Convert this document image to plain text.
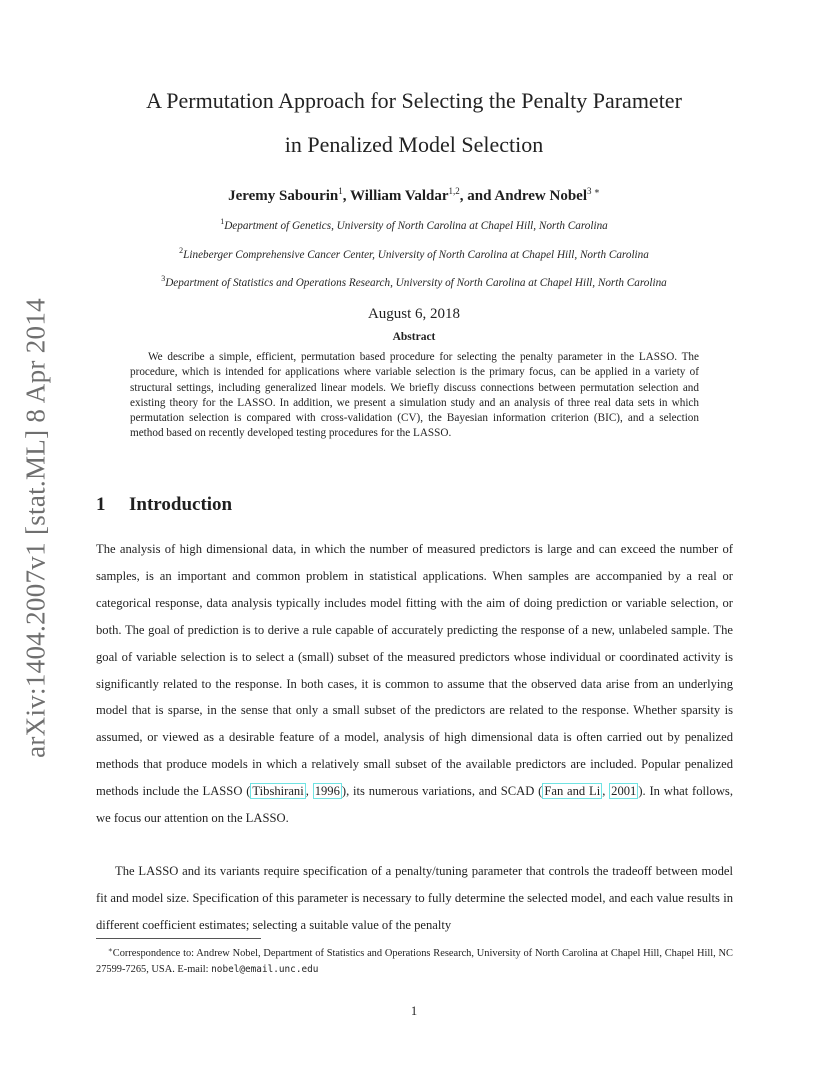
arXiv:1404.2007v1 [stat.ML] 8 Apr 2014
A Permutation Approach for Selecting the Penalty Parameter
in Penalized Model Selection
Jeremy Sabourin$^1$, William Valdar$^{1,2}$, and Andrew Nobel$^{3 ∗}$
$^1$Department of Genetics, University of North Carolina at Chapel Hill, North Carolina
$^2$Lineberger Comprehensive Cancer Center, University of North Carolina at Chapel Hill, North Carolina
$^3$Department of Statistics and Operations Research, University of North Carolina at Chapel Hill, North Carolina
August 6, 2018
Abstract
We describe a simple, efficient, permutation based procedure for selecting the penalty parameter in the LASSO. The procedure, which is intended for applications where variable selection is the primary focus, can be applied in a variety of structural settings, including generalized linear models. We briefly discuss connections between permutation selection and existing theory for the LASSO. In addition, we present a simulation study and an analysis of three real data sets in which permutation selection is compared with cross-validation (CV), the Bayesian information criterion (BIC), and a selection method based on recently developed testing procedures for the LASSO.
1 Introduction
The analysis of high dimensional data, in which the number of measured predictors is large and can exceed the number of samples, is an important and common problem in statistical applications. When samples are accompanied by a real or categorical response, data analysis typically includes model fitting with the aim of doing prediction or variable selection, or both. The goal of prediction is to derive a rule capable of accurately predicting the response of a new, unlabeled sample. The goal of variable selection is to select a (small) subset of the measured predictors whose individual or coordinated activity is significantly related to the response. In both cases, it is common to assume that the observed data arise from an underlying model that is sparse, in the sense that only a small subset of the predictors are related to the response. Whether sparsity is assumed, or viewed as a desirable feature of a model, analysis of high dimensional data is often carried out by penalized methods that produce models in which a relatively small subset of the available predictors are included. Popular penalized methods include the LASSO ( Tibshirani , 1996 ), its numerous variations, and SCAD ( Fan and Li , 2001 ). In what follows, we focus our attention on the LASSO.
The LASSO and its variants require specification of a penalty/tuning parameter that controls the tradeoff between model fit and model size. Specification of this parameter is necessary to fully determine the selected model, and each value results in different coefficient estimates; selecting a suitable value of the penalty
∗Correspondence to: Andrew Nobel, Department of Statistics and Operations Research, University of North Carolina at Chapel Hill, Chapel Hill, NC 27599-7265, USA. E-mail: nobel@email.unc.edu
1
